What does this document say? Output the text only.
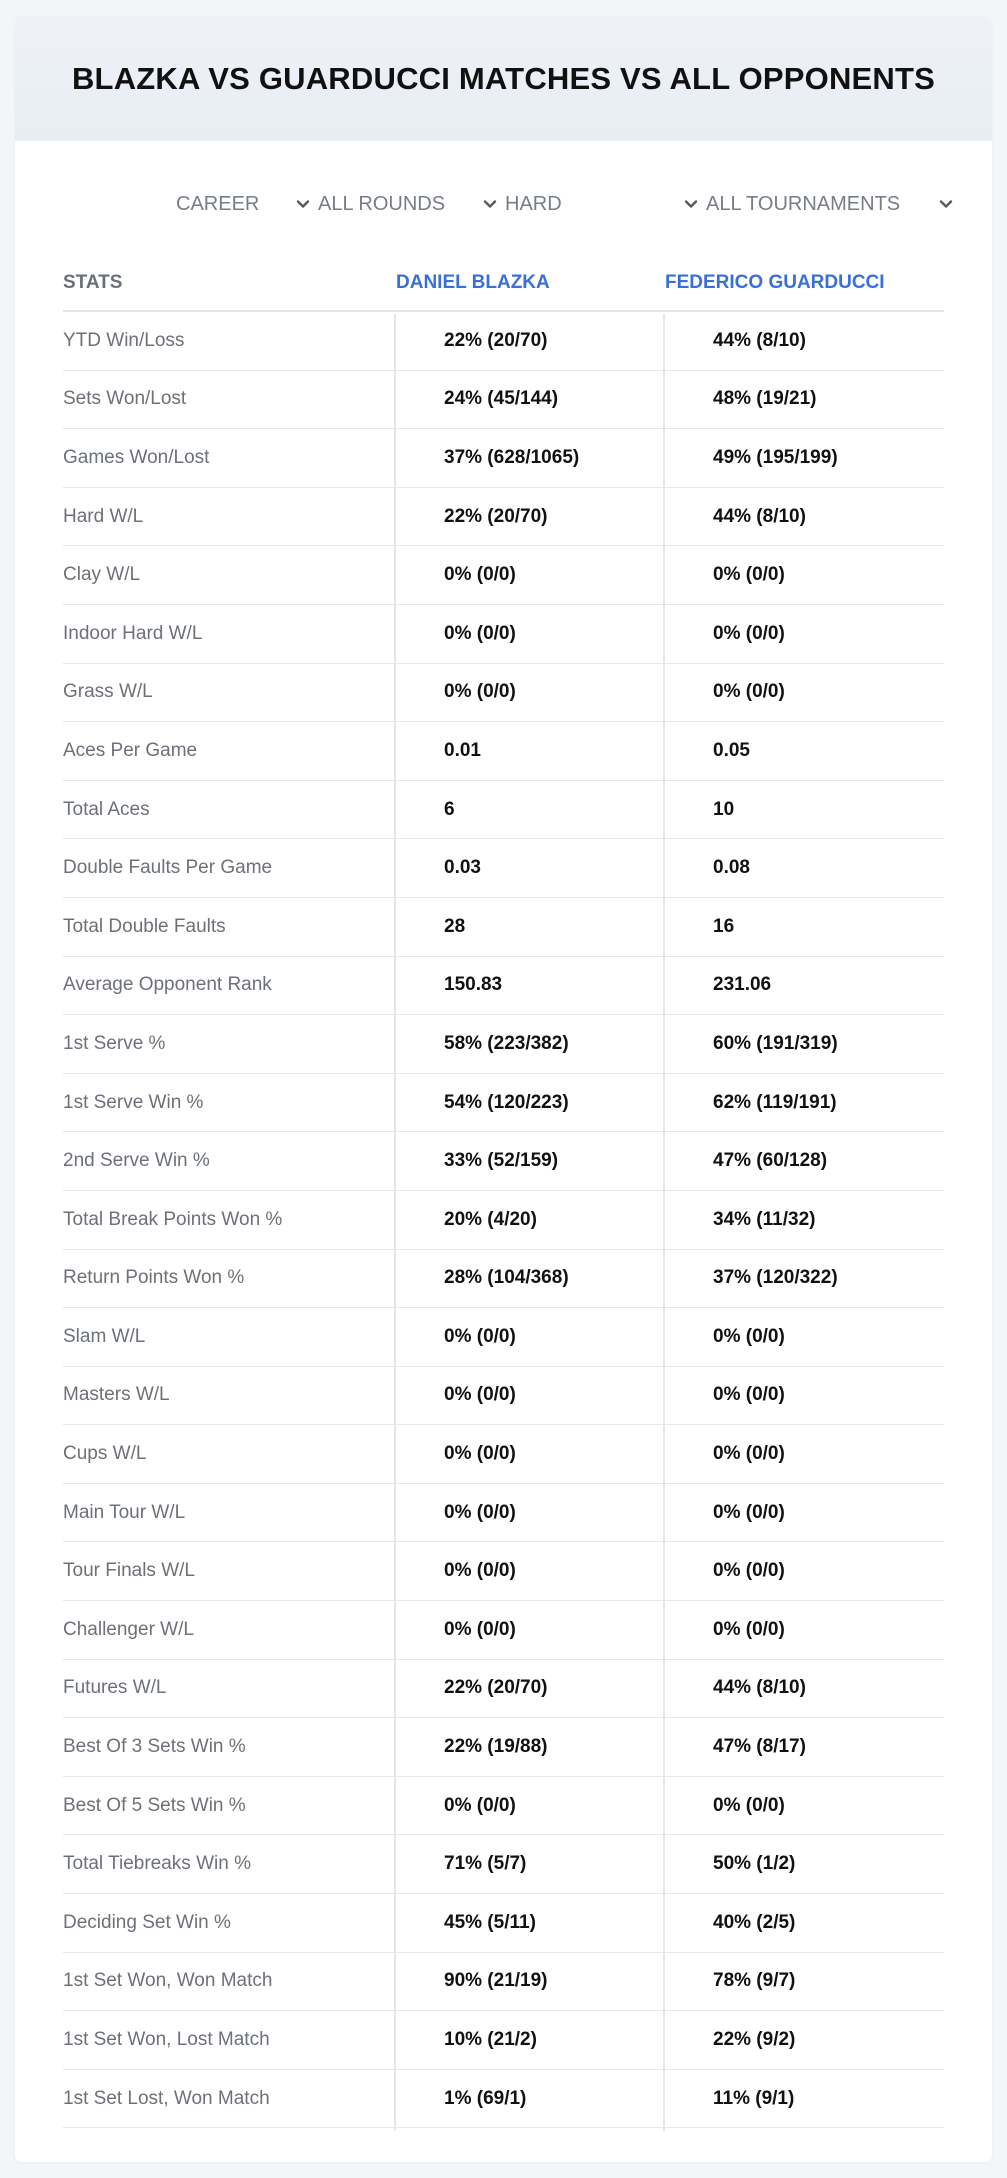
BLAZKA VS GUARDUCCI MATCHES VS ALL OPPONENTS
CAREER	ALL ROUNDS	HARD	ALL TOURNAMENTS
STATS	DANIEL BLAZKA	FEDERICO GUARDUCCI
YTD Win/Loss	22% (20/70)	44% (8/10)
Sets Won/Lost	24% (45/144)	48% (19/21)
Games Won/Lost	37% (628/1065)	49% (195/199)
Hard W/L	22% (20/70)	44% (8/10)
Clay W/L	0% (0/0)	0% (0/0)
Indoor Hard W/L	0% (0/0)	0% (0/0)
Grass W/L	0% (0/0)	0% (0/0)
Aces Per Game	0.01	0.05
Total Aces	6	10
Double Faults Per Game	0.03	0.08
Total Double Faults	28	16
Average Opponent Rank	150.83	231.06
1st Serve %	58% (223/382)	60% (191/319)
1st Serve Win %	54% (120/223)	62% (119/191)
2nd Serve Win %	33% (52/159)	47% (60/128)
Total Break Points Won %	20% (4/20)	34% (11/32)
Return Points Won %	28% (104/368)	37% (120/322)
Slam W/L	0% (0/0)	0% (0/0)
Masters W/L	0% (0/0)	0% (0/0)
Cups W/L	0% (0/0)	0% (0/0)
Main Tour W/L	0% (0/0)	0% (0/0)
Tour Finals W/L	0% (0/0)	0% (0/0)
Challenger W/L	0% (0/0)	0% (0/0)
Futures W/L	22% (20/70)	44% (8/10)
Best Of 3 Sets Win %	22% (19/88)	47% (8/17)
Best Of 5 Sets Win %	0% (0/0)	0% (0/0)
Total Tiebreaks Win %	71% (5/7)	50% (1/2)
Deciding Set Win %	45% (5/11)	40% (2/5)
1st Set Won, Won Match	90% (21/19)	78% (9/7)
1st Set Won, Lost Match	10% (21/2)	22% (9/2)
1st Set Lost, Won Match	1% (69/1)	11% (9/1)
